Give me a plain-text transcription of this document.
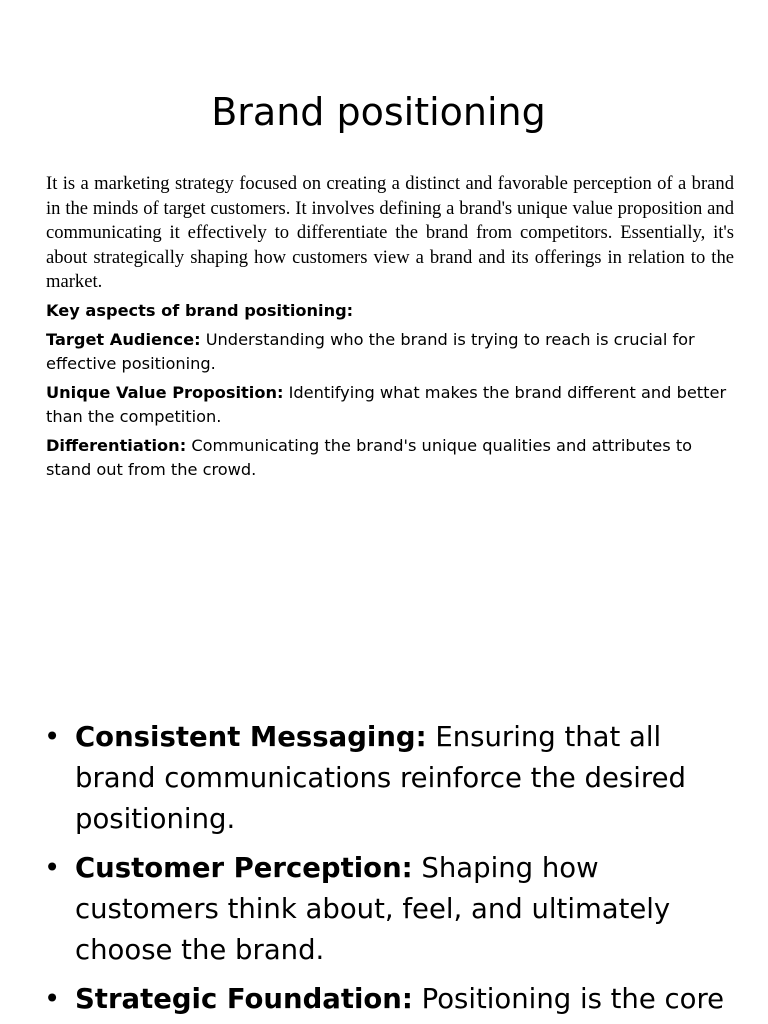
Brand positioning

It is a marketing strategy focused on creating a distinct and favorable perception of a brand in the minds of target customers. It involves defining a brand's unique value proposition and communicating it effectively to differentiate the brand from competitors. Essentially, it's about strategically shaping how customers view a brand and its offerings in relation to the market.

Key aspects of brand positioning:

Target Audience: Understanding who the brand is trying to reach is crucial for effective positioning.

Unique Value Proposition: Identifying what makes the brand different and better than the competition.

Differentiation: Communicating the brand's unique qualities and attributes to stand out from the crowd.

• Consistent Messaging: Ensuring that all brand communications reinforce the desired positioning.
• Customer Perception: Shaping how customers think about, feel, and ultimately choose the brand.
• Strategic Foundation: Positioning is the core
